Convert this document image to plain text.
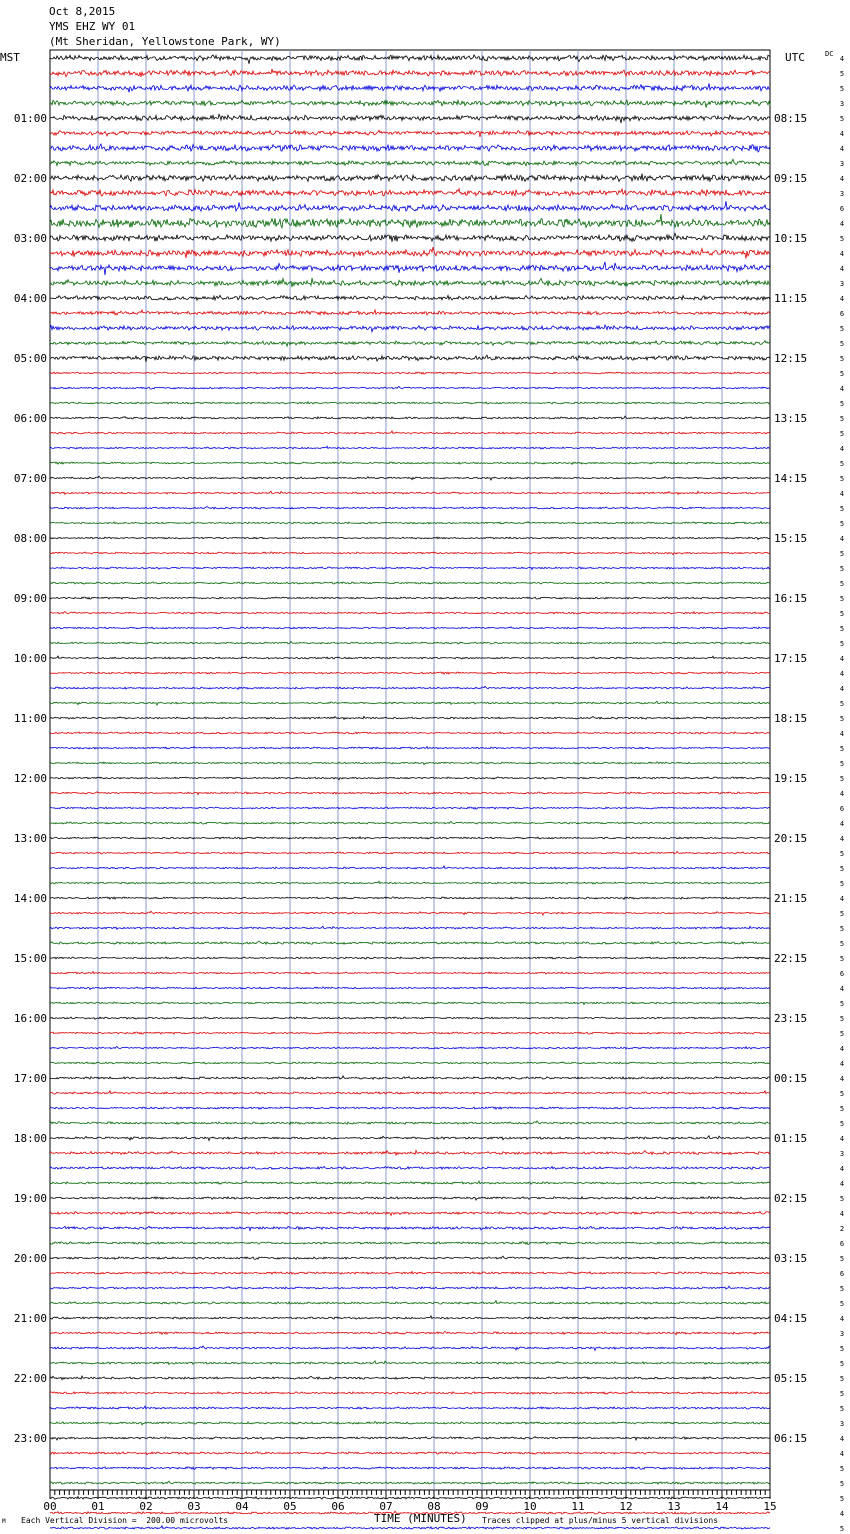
Oct 8,2015
YMS EHZ WY 01
(Mt Sheridan, Yellowstone Park, WY)
MST	UTC	DC
01:00	08:15
02:00	09:15
03:00	10:15
04:00	11:15
05:00	12:15
06:00	13:15
07:00	14:15
08:00	15:15
09:00	16:15
10:00	17:15
11:00	18:15
12:00	19:15
13:00	20:15
14:00	21:15
15:00	22:15
16:00	23:15
17:00	00:15
18:00	01:15
19:00	02:15
20:00	03:15
21:00	04:15
22:00	05:15
23:00	06:15
4
5
5
3
5
4
4
3
4
3
6
4
5
4
4
3
4
6
5
5
5
5
4
5
5
5
4
5
5
4
5
5
4
5
5
5
5
5
5
5
4
4
4
5
5
4
5
5
5
4
6
4
4
5
5
5
4
5
5
5
5
6
4
5
5
5
4
4
4
5
5
5
4
3
4
4
5
4
2
6
5
6
5
5
4
3
5
5
5
5
5
3
4
4
5
5
5
4
5
00	01	02	03	04	05	06	07	08	09	10	11	12	13	14	15
TIME (MINUTES)
M Each Vertical Division =  200.00 microvolts	Traces clipped at plus/minus 5 vertical divisions
